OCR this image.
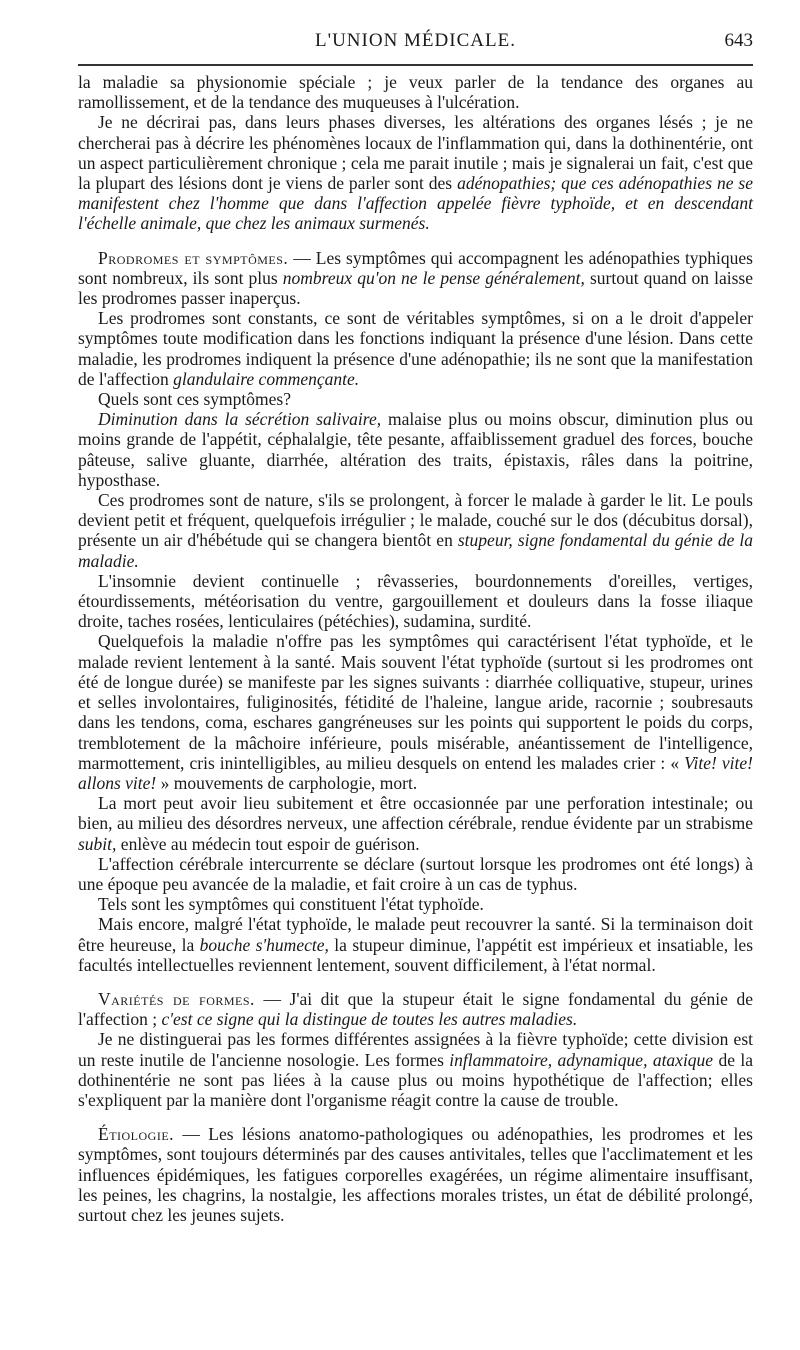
L'UNION MÉDICALE.	643

la maladie sa physionomie spéciale ; je veux parler de la tendance des organes au ramollissement, et de la tendance des muqueuses à l'ulcération.

Je ne décrirai pas, dans leurs phases diverses, les altérations des organes lésés ; je ne chercherai pas à décrire les phénomènes locaux de l'inflammation qui, dans la dothinentérie, ont un aspect particulièrement chronique ; cela me parait inutile ; mais je signalerai un fait, c'est que la plupart des lésions dont je viens de parler sont des adénopathies; que ces adénopathies ne se manifestent chez l'homme que dans l'affection appelée fièvre typhoïde, et en descendant l'échelle animale, que chez les animaux surmenés.

Prodromes et symptômes. — Les symptômes qui accompagnent les adénopathies typhiques sont nombreux, ils sont plus nombreux qu'on ne le pense généralement, surtout quand on laisse les prodromes passer inaperçus.

Les prodromes sont constants, ce sont de véritables symptômes, si on a le droit d'appeler symptômes toute modification dans les fonctions indiquant la présence d'une lésion. Dans cette maladie, les prodromes indiquent la présence d'une adénopathie; ils ne sont que la manifestation de l'affection glandulaire commençante.

Quels sont ces symptômes?

Diminution dans la sécrétion salivaire, malaise plus ou moins obscur, diminution plus ou moins grande de l'appétit, céphalalgie, tête pesante, affaiblissement graduel des forces, bouche pâteuse, salive gluante, diarrhée, altération des traits, épistaxis, râles dans la poitrine, hyposthase.

Ces prodromes sont de nature, s'ils se prolongent, à forcer le malade à garder le lit. Le pouls devient petit et fréquent, quelquefois irrégulier ; le malade, couché sur le dos (décubitus dorsal), présente un air d'hébétude qui se changera bientôt en stupeur, signe fondamental du génie de la maladie.

L'insomnie devient continuelle ; rêvasseries, bourdonnements d'oreilles, vertiges, étourdissements, météorisation du ventre, gargouillement et douleurs dans la fosse iliaque droite, taches rosées, lenticulaires (pétéchies), sudamina, surdité.

Quelquefois la maladie n'offre pas les symptômes qui caractérisent l'état typhoïde, et le malade revient lentement à la santé. Mais souvent l'état typhoïde (surtout si les prodromes ont été de longue durée) se manifeste par les signes suivants : diarrhée colliquative, stupeur, urines et selles involontaires, fuliginosités, fétidité de l'haleine, langue aride, racornie ; soubresauts dans les tendons, coma, eschares gangréneuses sur les points qui supportent le poids du corps, tremblotement de la mâchoire inférieure, pouls misérable, anéantissement de l'intelligence, marmottement, cris inintelligibles, au milieu desquels on entend les malades crier : « Vite! vite! allons vite! » mouvements de carphologie, mort.

La mort peut avoir lieu subitement et être occasionnée par une perforation intestinale; ou bien, au milieu des désordres nerveux, une affection cérébrale, rendue évidente par un strabisme subit, enlève au médecin tout espoir de guérison.

L'affection cérébrale intercurrente se déclare (surtout lorsque les prodromes ont été longs) à une époque peu avancée de la maladie, et fait croire à un cas de typhus.

Tels sont les symptômes qui constituent l'état typhoïde.

Mais encore, malgré l'état typhoïde, le malade peut recouvrer la santé. Si la terminaison doit être heureuse, la bouche s'humecte, la stupeur diminue, l'appétit est impérieux et insatiable, les facultés intellectuelles reviennent lentement, souvent difficilement, à l'état normal.

Variétés de formes. — J'ai dit que la stupeur était le signe fondamental du génie de l'affection ; c'est ce signe qui la distingue de toutes les autres maladies.

Je ne distinguerai pas les formes différentes assignées à la fièvre typhoïde; cette division est un reste inutile de l'ancienne nosologie. Les formes inflammatoire, adynamique, ataxique de la dothinentérie ne sont pas liées à la cause plus ou moins hypothétique de l'affection; elles s'expliquent par la manière dont l'organisme réagit contre la cause de trouble.

Étiologie. — Les lésions anatomo-pathologiques ou adénopathies, les prodromes et les symptômes, sont toujours déterminés par des causes antivitales, telles que l'acclimatement et les influences épidémiques, les fatigues corporelles exagérées, un régime alimentaire insuffisant, les peines, les chagrins, la nostalgie, les affections morales tristes, un état de débilité prolongé, surtout chez les jeunes sujets.
